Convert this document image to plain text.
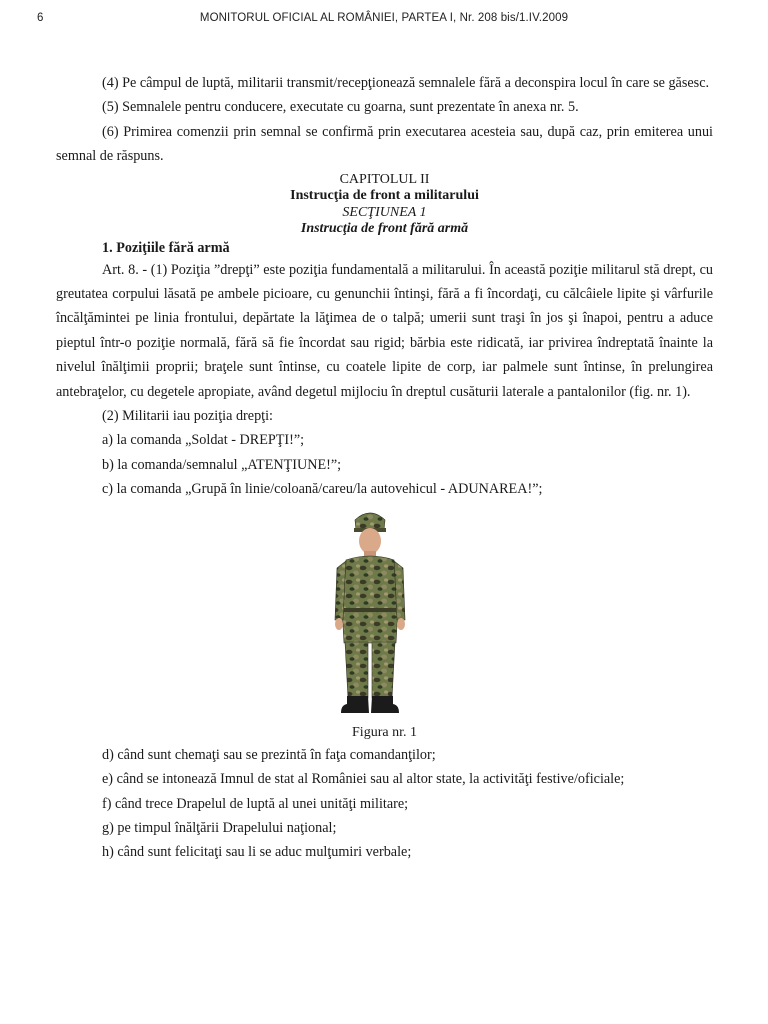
6	MONITORUL OFICIAL AL ROMÂNIEI, PARTEA I, Nr. 208 bis/1.IV.2009

(4) Pe câmpul de luptă, militarii transmit/recepţionează semnalele fără a deconspira locul în care se găsesc.

(5) Semnalele pentru conducere, executate cu goarna, sunt prezentate în anexa nr. 5.

(6) Primirea comenzii prin semnal se confirmă prin executarea acesteia sau, după caz, prin emiterea unui semnal de răspuns.

CAPITOLUL II

Instrucţia de front a militarului

SECŢIUNEA 1

Instrucţia de front fără armă

1. Poziţiile fără armă

Art. 8. - (1) Poziţia ”drepţi” este poziţia fundamentală a militarului. În această poziţie militarul stă drept, cu greutatea corpului lăsată pe ambele picioare, cu genunchii întinşi, fără a fi încordaţi, cu călcâiele lipite şi vârfurile încălţămintei pe linia frontului, depărtate la lăţimea de o talpă; umerii sunt traşi în jos şi înapoi, pentru a aduce pieptul într-o poziţie normală, fără să fie încordat sau rigid; bărbia este ridicată, iar privirea îndreptată înainte la nivelul înălţimii proprii; braţele sunt întinse, cu coatele lipite de corp, iar palmele sunt întinse, în prelungirea antebraţelor, cu degetele apropiate, având degetul mijlociu în dreptul cusăturii laterale a pantalonilor (fig. nr. 1).

(2) Militarii iau poziţia drepţi:

a) la comanda „Soldat - DREPŢI!”;

b) la comanda/semnalul „ATENŢIUNE!”;

c) la comanda „Grupă în linie/coloană/careu/la autovehicul - ADUNAREA!”;

Figura nr. 1

d) când sunt chemaţi sau se prezintă în faţa comandanţilor;

e) când se intonează Imnul de stat al României sau al altor state, la activităţi festive/oficiale;

f) când trece Drapelul de luptă al unei unităţi militare;

g) pe timpul înălţării Drapelului naţional;

h) când sunt felicitaţi sau li se aduc mulţumiri verbale;
